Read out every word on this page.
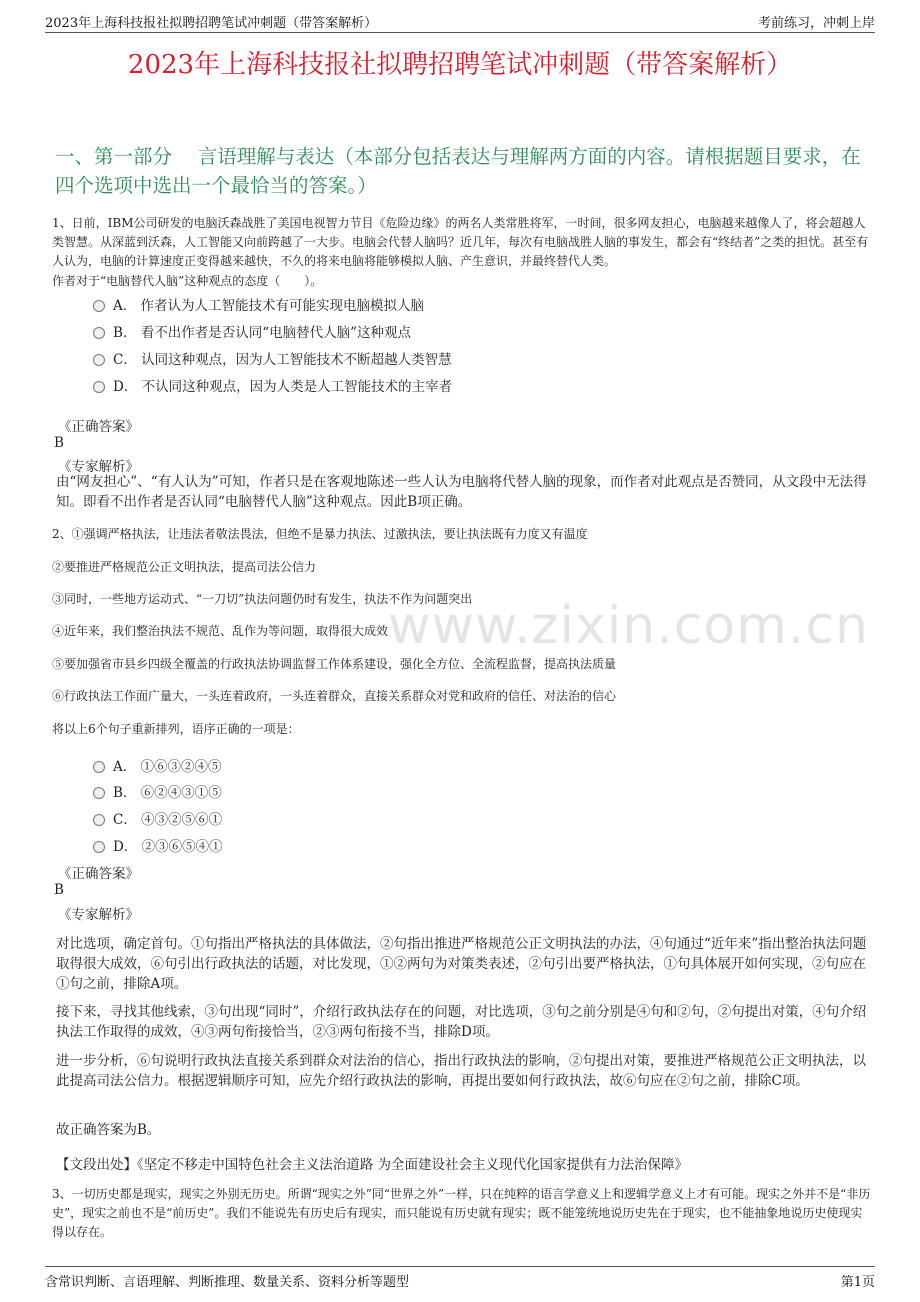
2023年上海科技报社拟聘招聘笔试冲刺题（带答案解析）	考前练习，冲刺上岸
2023年上海科技报社拟聘招聘笔试冲刺题（带答案解析）
一、第一部分　 言语理解与表达（本部分包括表达与理解两方面的内容。请根据题目要求，在四个选项中选出一个最恰当的答案。）
1、日前，IBM公司研发的电脑沃森战胜了美国电视智力节目《危险边缘》的两名人类常胜将军，一时间，很多网友担心，电脑越来越像人了，将会超越人类智慧。从深蓝到沃森，人工智能又向前跨越了一大步。电脑会代替人脑吗？近几年，每次有电脑战胜人脑的事发生，都会有“终结者”之类的担忧。甚至有人认为，电脑的计算速度正变得越来越快，不久的将来电脑将能够模拟人脑、产生意识，并最终替代人类。
作者对于“电脑替代人脑”这种观点的态度（　　）。
A． 作者认为人工智能技术有可能实现电脑模拟人脑
B． 看不出作者是否认同“电脑替代人脑”这种观点
C． 认同这种观点，因为人工智能技术不断超越人类智慧
D． 不认同这种观点，因为人类是人工智能技术的主宰者
《正确答案》
B
《专家解析》
由“网友担心”、“有人认为”可知，作者只是在客观地陈述一些人认为电脑将代替人脑的现象，而作者对此观点是否赞同，从文段中无法得知。即看不出作者是否认同“电脑替代人脑”这种观点。因此B项正确。
2、①强调严格执法，让违法者敬法畏法，但绝不是暴力执法、过激执法，要让执法既有力度又有温度
②要推进严格规范公正文明执法，提高司法公信力
③同时，一些地方运动式、“一刀切”执法问题仍时有发生，执法不作为问题突出
④近年来，我们整治执法不规范、乱作为等问题，取得很大成效
⑤要加强省市县乡四级全覆盖的行政执法协调监督工作体系建设，强化全方位、全流程监督，提高执法质量
⑥行政执法工作面广量大，一头连着政府，一头连着群众，直接关系群众对党和政府的信任、对法治的信心
将以上6个句子重新排列，语序正确的一项是：
A． ①⑥③②④⑤
B． ⑥②④③①⑤
C． ④③②⑤⑥①
D． ②③⑥⑤④①
《正确答案》
B
《专家解析》
对比选项，确定首句。①句指出严格执法的具体做法，②句指出推进严格规范公正文明执法的办法，④句通过“近年来”指出整治执法问题取得很大成效，⑥句引出行政执法的话题，对比发现，①②两句为对策类表述，②句引出要严格执法，①句具体展开如何实现，②句应在①句之前，排除A项。
接下来，寻找其他线索，③句出现“同时”，介绍行政执法存在的问题，对比选项，③句之前分别是④句和②句，②句提出对策，④句介绍执法工作取得的成效，④③两句衔接恰当，②③两句衔接不当，排除D项。
进一步分析，⑥句说明行政执法直接关系到群众对法治的信心，指出行政执法的影响，②句提出对策，要推进严格规范公正文明执法，以此提高司法公信力。根据逻辑顺序可知，应先介绍行政执法的影响，再提出要如何行政执法，故⑥句应在②句之前，排除C项。
故正确答案为B。
【文段出处】《坚定不移走中国特色社会主义法治道路 为全面建设社会主义现代化国家提供有力法治保障》
3、一切历史都是现实，现实之外别无历史。所谓“现实之外”同“世界之外”一样，只在纯粹的语言学意义上和逻辑学意义上才有可能。现实之外并不是“非历史”，现实之前也不是“前历史”。我们不能说先有历史后有现实，而只能说有历史就有现实；既不能笼统地说历史先在于现实，也不能抽象地说历史使现实得以存在。
www.zixin.com.cn
含常识判断、言语理解、判断推理、数量关系、资料分析等题型	第1页
